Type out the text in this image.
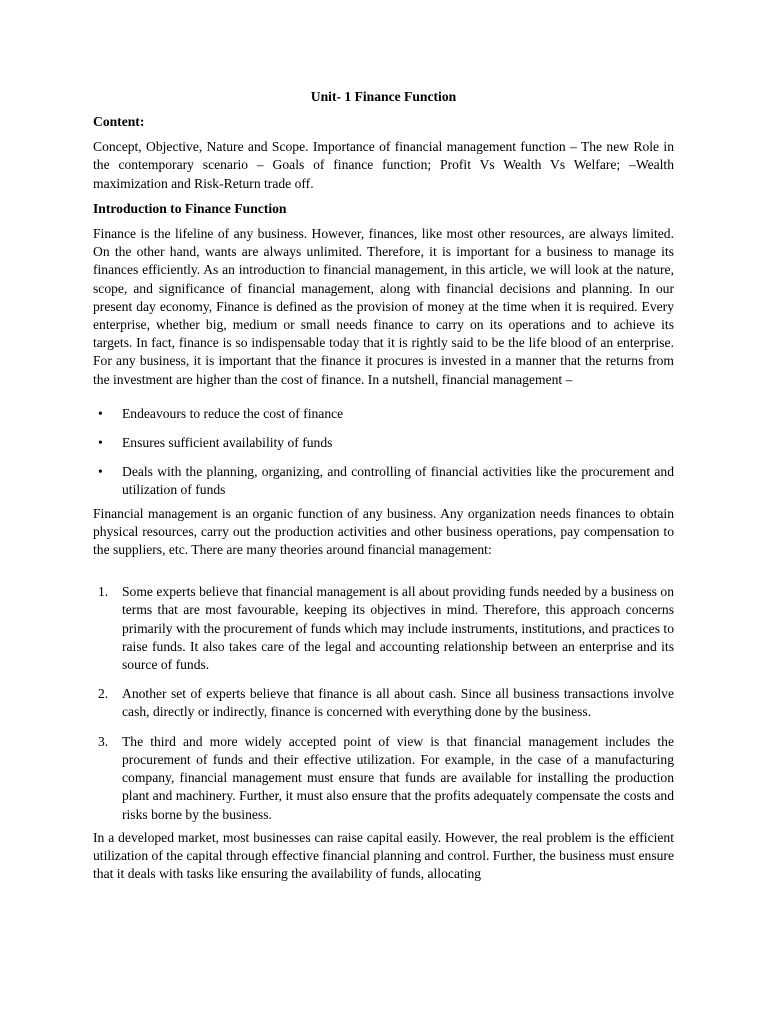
Unit- 1 Finance Function
Content:

Concept, Objective, Nature and Scope. Importance of financial management function – The new Role in the contemporary scenario – Goals of finance function; Profit Vs Wealth Vs Welfare; –Wealth maximization and Risk-Return trade off.

Introduction to Finance Function

Finance is the lifeline of any business. However, finances, like most other resources, are always limited. On the other hand, wants are always unlimited. Therefore, it is important for a business to manage its finances efficiently. As an introduction to financial management, in this article, we will look at the nature, scope, and significance of financial management, along with financial decisions and planning. In our present day economy, Finance is defined as the provision of money at the time when it is required. Every enterprise, whether big, medium or small needs finance to carry on its operations and to achieve its targets. In fact, finance is so indispensable today that it is rightly said to be the life blood of an enterprise. For any business, it is important that the finance it procures is invested in a manner that the returns from the investment are higher than the cost of finance. In a nutshell, financial management –

• Endeavours to reduce the cost of finance
• Ensures sufficient availability of funds
• Deals with the planning, organizing, and controlling of financial activities like the procurement and utilization of funds

Financial management is an organic function of any business. Any organization needs finances to obtain physical resources, carry out the production activities and other business operations, pay compensation to the suppliers, etc. There are many theories around financial management:

1. Some experts believe that financial management is all about providing funds needed by a business on terms that are most favourable, keeping its objectives in mind. Therefore, this approach concerns primarily with the procurement of funds which may include instruments, institutions, and practices to raise funds. It also takes care of the legal and accounting relationship between an enterprise and its source of funds.
2. Another set of experts believe that finance is all about cash. Since all business transactions involve cash, directly or indirectly, finance is concerned with everything done by the business.
3. The third and more widely accepted point of view is that financial management includes the procurement of funds and their effective utilization. For example, in the case of a manufacturing company, financial management must ensure that funds are available for installing the production plant and machinery. Further, it must also ensure that the profits adequately compensate the costs and risks borne by the business.

In a developed market, most businesses can raise capital easily. However, the real problem is the efficient utilization of the capital through effective financial planning and control. Further, the business must ensure that it deals with tasks like ensuring the availability of funds, allocating
